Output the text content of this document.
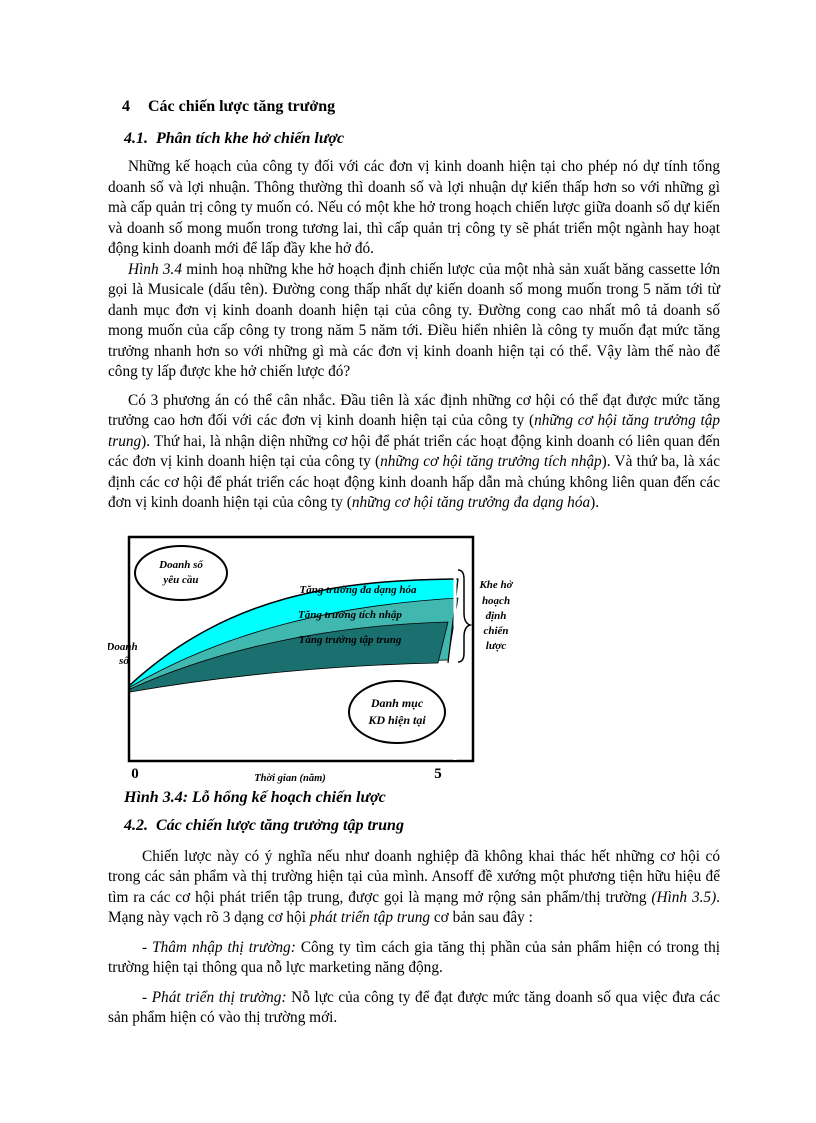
4 Các chiến lược tăng trưởng
4.1. Phân tích khe hở chiến lược

Những kế hoạch của công ty đối với các đơn vị kinh doanh hiện tại cho phép nó dự tính tổng doanh số và lợi nhuận. Thông thường thì doanh số và lợi nhuận dự kiến thấp hơn so với những gì mà cấp quản trị công ty muốn có. Nếu có một khe hở trong hoạch chiến lược giữa doanh số dự kiến và doanh số mong muốn trong tương lai, thì cấp quản trị công ty sẽ phát triển một ngành hay hoạt động kinh doanh mới để lấp đầy khe hở đó.

Hình 3.4 minh hoạ những khe hở hoạch định chiến lược của một nhà sản xuất băng cassette lớn gọi là Musicale (dấu tên). Đường cong thấp nhất dự kiến doanh số mong muốn trong 5 năm tới từ danh mục đơn vị kinh doanh doanh hiện tại của công ty. Đường cong cao nhất mô tả doanh số mong muốn của cấp công ty trong năm 5 năm tới. Điều hiển nhiên là công ty muốn đạt mức tăng trưởng nhanh hơn so với những gì mà các đơn vị kinh doanh hiện tại có thể. Vậy làm thế nào để công ty lấp được khe hở chiến lược đó?

Có 3 phương án có thể cân nhắc. Đầu tiên là xác định những cơ hội có thể đạt được mức tăng trưởng cao hơn đối với các đơn vị kinh doanh hiện tại của công ty (những cơ hội tăng trưởng tập trung). Thứ hai, là nhận diện những cơ hội để phát triển các hoạt động kinh doanh có liên quan đến các đơn vị kinh doanh hiện tại của công ty (những cơ hội tăng trưởng tích nhập). Và thứ ba, là xác định các cơ hội để phát triển các hoạt động kinh doanh hấp dẫn mà chúng không liên quan đến các đơn vị kinh doanh hiện tại của công ty (những cơ hội tăng trưởng đa dạng hóa).

Doanh số
yêu cầu
Tăng trưởng đa dạng hóa
Tăng trưởng tích nhập
Tăng trưởng tập trung
Doanh
số
Danh mục
KD hiện tại
0	5
Thời gian (năm)
Khe hở
hoạch
định
chiến
lược
Hình 3.4: Lỗ hổng kế hoạch chiến lược
4.2. Các chiến lược tăng trưởng tập trung

Chiến lược này có ý nghĩa nếu như doanh nghiệp đã không khai thác hết những cơ hội có trong các sản phẩm và thị trường hiện tại của mình. Ansoff đề xướng một phương tiện hữu hiệu để tìm ra các cơ hội phát triển tập trung, được gọi là mạng mở rộng sản phẩm/thị trường (Hình 3.5). Mạng này vạch rõ 3 dạng cơ hội phát triển tập trung cơ bản sau đây :

- Thâm nhập thị trường: Công ty tìm cách gia tăng thị phần của sản phẩm hiện có trong thị trường hiện tại thông qua nỗ lực marketing năng động.

- Phát triển thị trường: Nỗ lực của công ty để đạt được mức tăng doanh số qua việc đưa các sản phẩm hiện có vào thị trường mới.
